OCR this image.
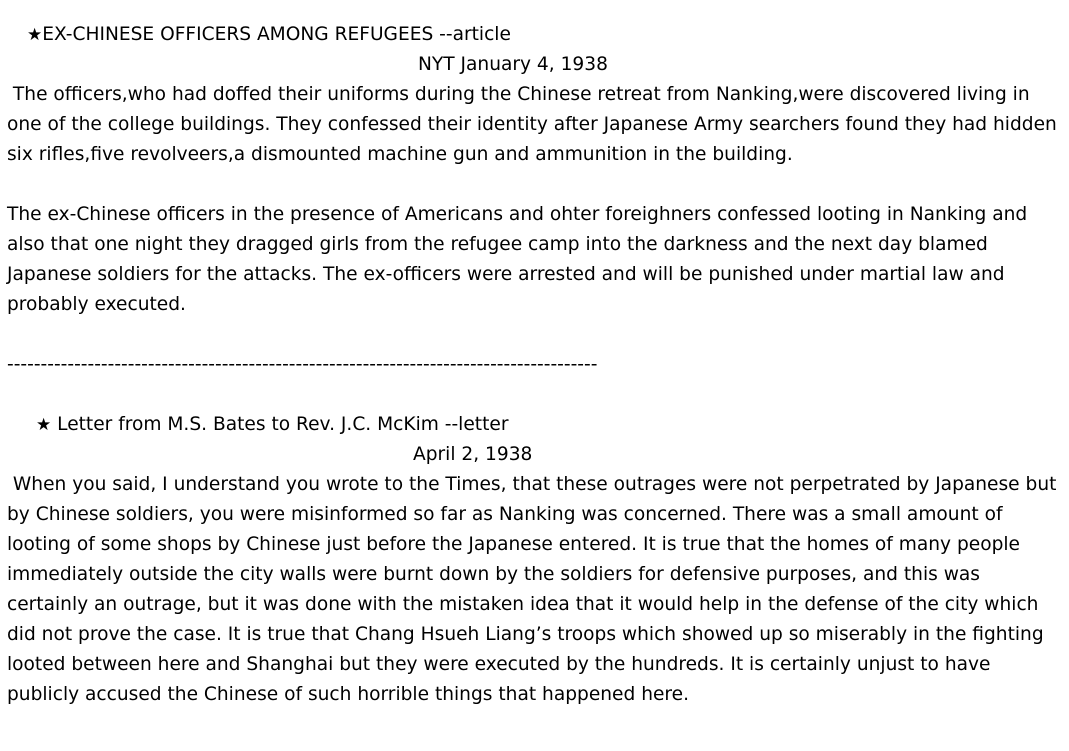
★EX-CHINESE OFFICERS AMONG REFUGEES --article
NYT January 4, 1938

The officers,who had doffed their uniforms during the Chinese retreat from Nanking,were discovered living in one of the college buildings. They confessed their identity after Japanese Army searchers found they had hidden six rifles,five revolveers,a dismounted machine gun and ammunition in the building.

The ex-Chinese officers in the presence of Americans and ohter foreighners confessed looting in Nanking and also that one night they dragged girls from the refugee camp into the darkness and the next day blamed Japanese soldiers for the attacks. The ex-officers were arrested and will be punished under martial law and probably executed.

----------------------------------------------------------------------------------------
★ Letter from M.S. Bates to Rev. J.C. McKim --letter
April 2, 1938

When you said, I understand you wrote to the Times, that these outrages were not perpetrated by Japanese but by Chinese soldiers, you were misinformed so far as Nanking was concerned. There was a small amount of looting of some shops by Chinese just before the Japanese entered. It is true that the homes of many people immediately outside the city walls were burnt down by the soldiers for defensive purposes, and this was certainly an outrage, but it was done with the mistaken idea that it would help in the defense of the city which did not prove the case. It is true that Chang Hsueh Liang’s troops which showed up so miserably in the fighting looted between here and Shanghai but they were executed by the hundreds. It is certainly unjust to have publicly accused the Chinese of such horrible things that happened here.
